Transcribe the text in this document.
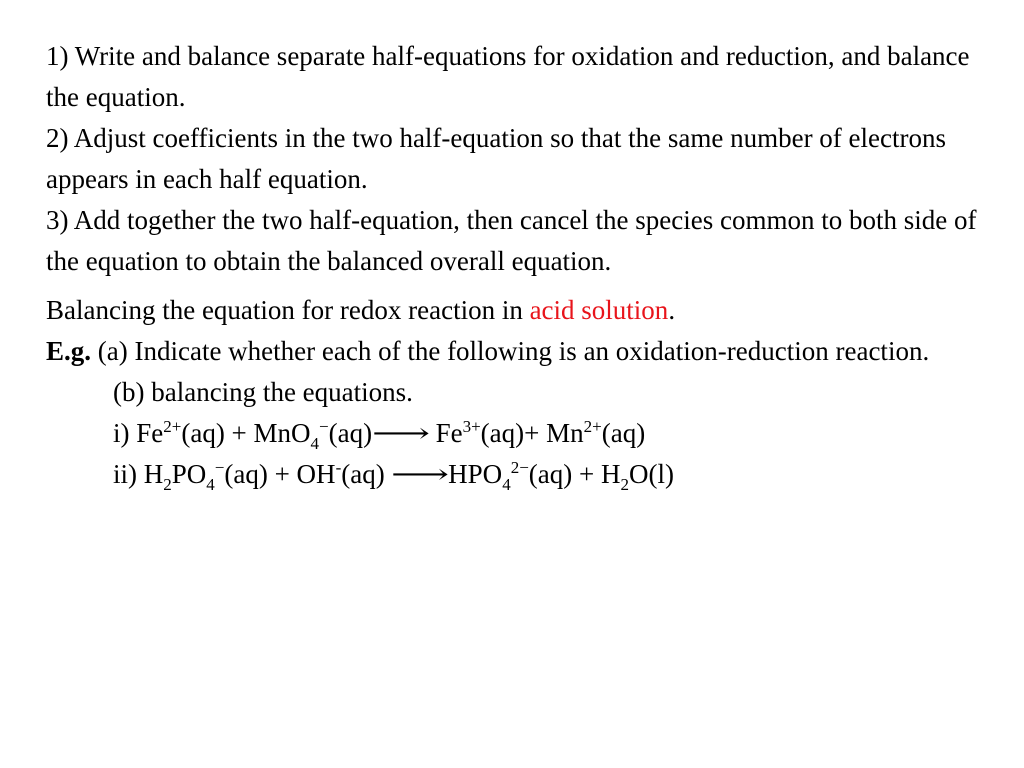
1) Write and balance separate half-equations for oxidation and reduction, and balance the equation.

2) Adjust coefficients in the two half-equation so that the same number of electrons appears in each half equation.

3) Add together the two half-equation, then cancel the species common to both side of the equation to obtain the balanced overall equation.

Balancing the equation for redox reaction in acid solution.

E.g. (a) Indicate whether each of the following is an oxidation-reduction reaction.

(b) balancing the equations.

i) $Fe^{2+}(aq)$ + MnO$_4$−(aq)⟶ $Fe^{3+}(aq)+ Mn^{2+}(aq)$

ii) $H_2PO_4^-(aq) + OH^-(aq)$ $⟶HPO_4^{2-}(aq) + H_2O(l)$
